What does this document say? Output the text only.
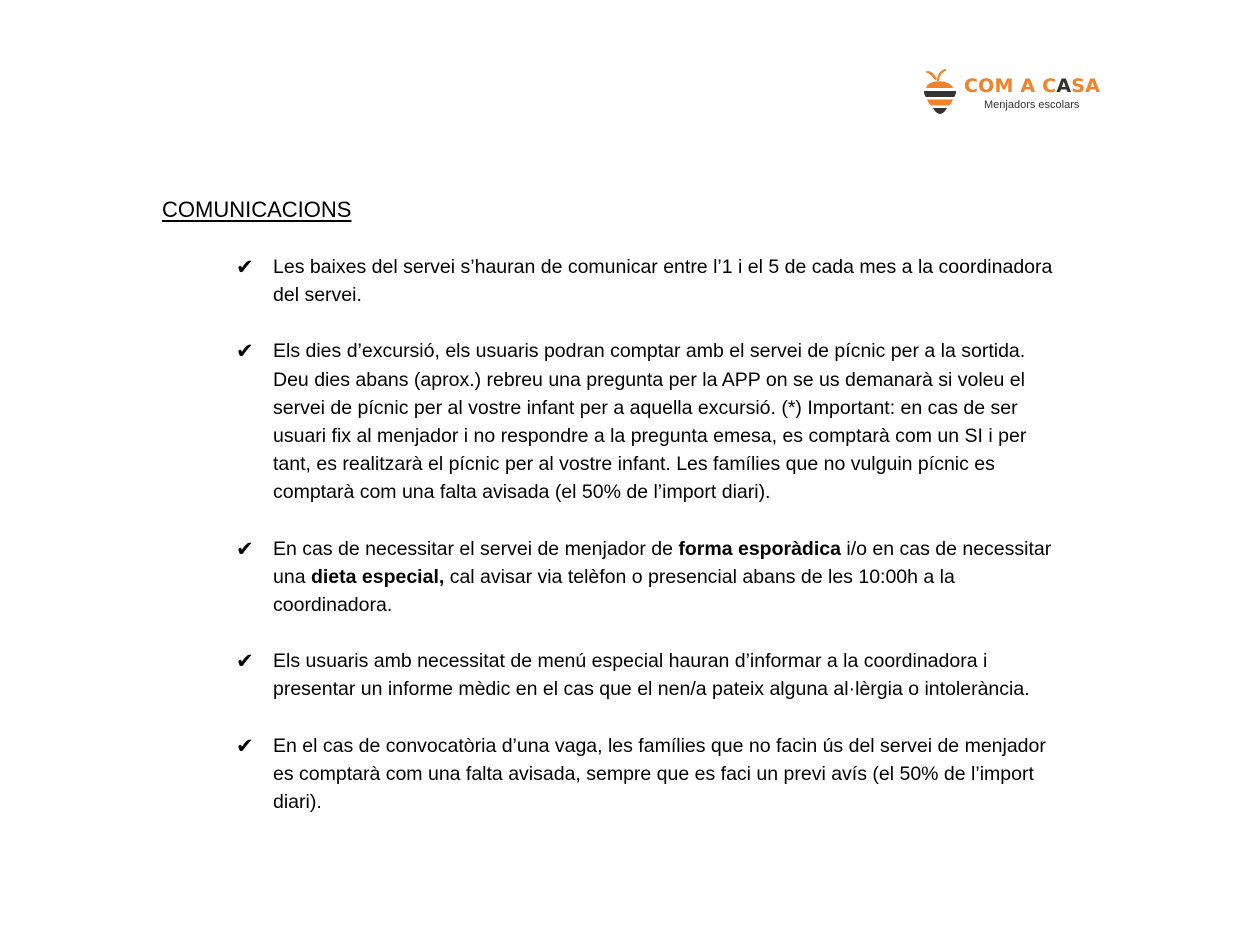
COM A CASA
Menjadors escolars
COMUNICACIONS
✔ Les baixes del servei s’hauran de comunicar entre l’1 i el 5 de cada mes a la coordinadora del servei.
✔ Els dies d’excursió, els usuaris podran comptar amb el servei de pícnic per a la sortida. Deu dies abans (aprox.) rebreu una pregunta per la APP on se us demanarà si voleu el servei de pícnic per al vostre infant per a aquella excursió. (*) Important: en cas de ser usuari fix al menjador i no respondre a la pregunta emesa, es comptarà com un SI i per tant, es realitzarà el pícnic per al vostre infant. Les famílies que no vulguin pícnic es comptarà com una falta avisada (el 50% de l’import diari).
✔ En cas de necessitar el servei de menjador de forma esporàdica i/o en cas de necessitar una dieta especial, cal avisar via telèfon o presencial abans de les 10:00h a la coordinadora.
✔ Els usuaris amb necessitat de menú especial hauran d’informar a la coordinadora i presentar un informe mèdic en el cas que el nen/a pateix alguna al·lèrgia o intolerància.
✔ En el cas de convocatòria d’una vaga, les famílies que no facin ús del servei de menjador es comptarà com una falta avisada, sempre que es faci un previ avís (el 50% de l’import diari).
